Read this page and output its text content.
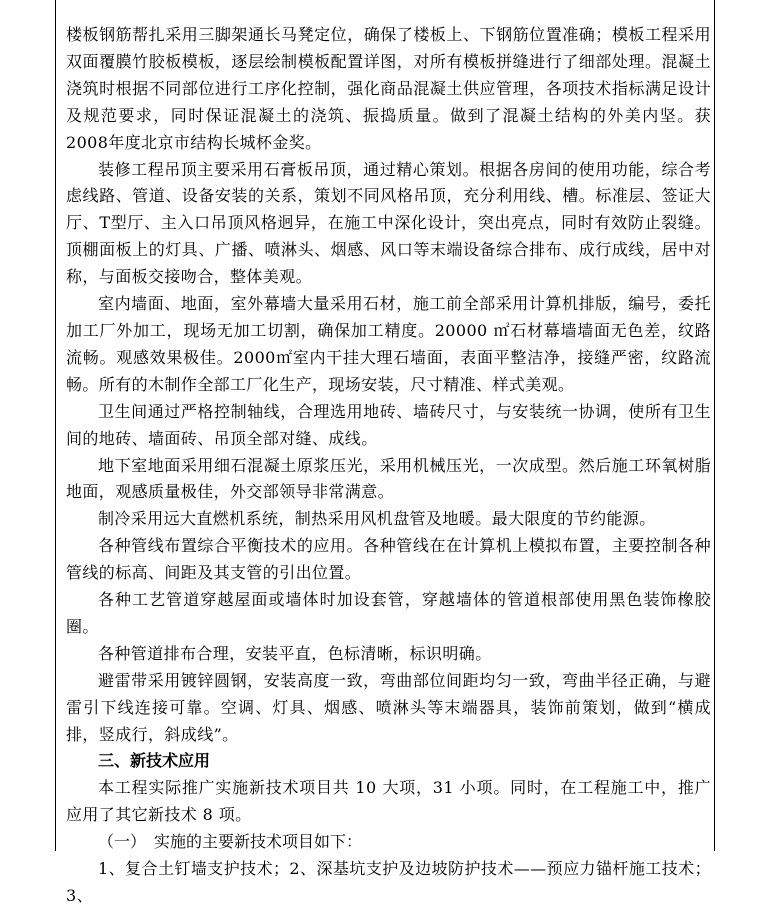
楼板钢筋帮扎采用三脚架通长马凳定位，确保了楼板上、下钢筋位置准确；模板工程采用双面覆膜竹胶板模板，逐层绘制模板配置详图，对所有模板拼缝进行了细部处理。混凝土浇筑时根据不同部位进行工序化控制，强化商品混凝土供应管理，各项技术指标满足设计及规范要求，同时保证混凝土的浇筑、振捣质量。做到了混凝土结构的外美内坚。获2008年度北京市结构长城杯金奖。

装修工程吊顶主要采用石膏板吊顶，通过精心策划。根据各房间的使用功能，综合考虑线路、管道、设备安装的关系，策划不同风格吊顶，充分利用线、槽。标准层、签证大厅、T型厅、主入口吊顶风格迥异，在施工中深化设计，突出亮点，同时有效防止裂缝。顶棚面板上的灯具、广播、喷淋头、烟感、风口等末端设备综合排布、成行成线，居中对称，与面板交接吻合，整体美观。

室内墙面、地面，室外幕墙大量采用石材，施工前全部采用计算机排版，编号，委托加工厂外加工，现场无加工切割，确保加工精度。20000 ㎡石材幕墙墙面无色差，纹路流畅。观感效果极佳。2000㎡室内干挂大理石墙面，表面平整洁净，接缝严密，纹路流畅。所有的木制作全部工厂化生产，现场安装，尺寸精准、样式美观。

卫生间通过严格控制轴线，合理选用地砖、墙砖尺寸，与安装统一协调，使所有卫生间的地砖、墙面砖、吊顶全部对缝、成线。

地下室地面采用细石混凝土原浆压光，采用机械压光，一次成型。然后施工环氧树脂地面，观感质量极佳，外交部领导非常满意。

制冷采用远大直燃机系统，制热采用风机盘管及地暖。最大限度的节约能源。

各种管线布置综合平衡技术的应用。各种管线在在计算机上模拟布置，主要控制各种管线的标高、间距及其支管的引出位置。

各种工艺管道穿越屋面或墙体时加设套管，穿越墙体的管道根部使用黑色装饰橡胶圈。

各种管道排布合理，安装平直，色标清晰，标识明确。

避雷带采用镀锌圆钢，安装高度一致，弯曲部位间距均匀一致，弯曲半径正确，与避雷引下线连接可靠。空调、灯具、烟感、喷淋头等末端器具，装饰前策划，做到“横成排，竖成行，斜成线”。

三、新技术应用

本工程实际推广实施新技术项目共 10 大项，31 小项。同时，在工程施工中，推广应用了其它新技术 8 项。

（一）　实施的主要新技术项目如下：

1、复合土钉墙支护技术；2、深基坑支护及边坡防护技术——预应力锚杆施工技术；3、
